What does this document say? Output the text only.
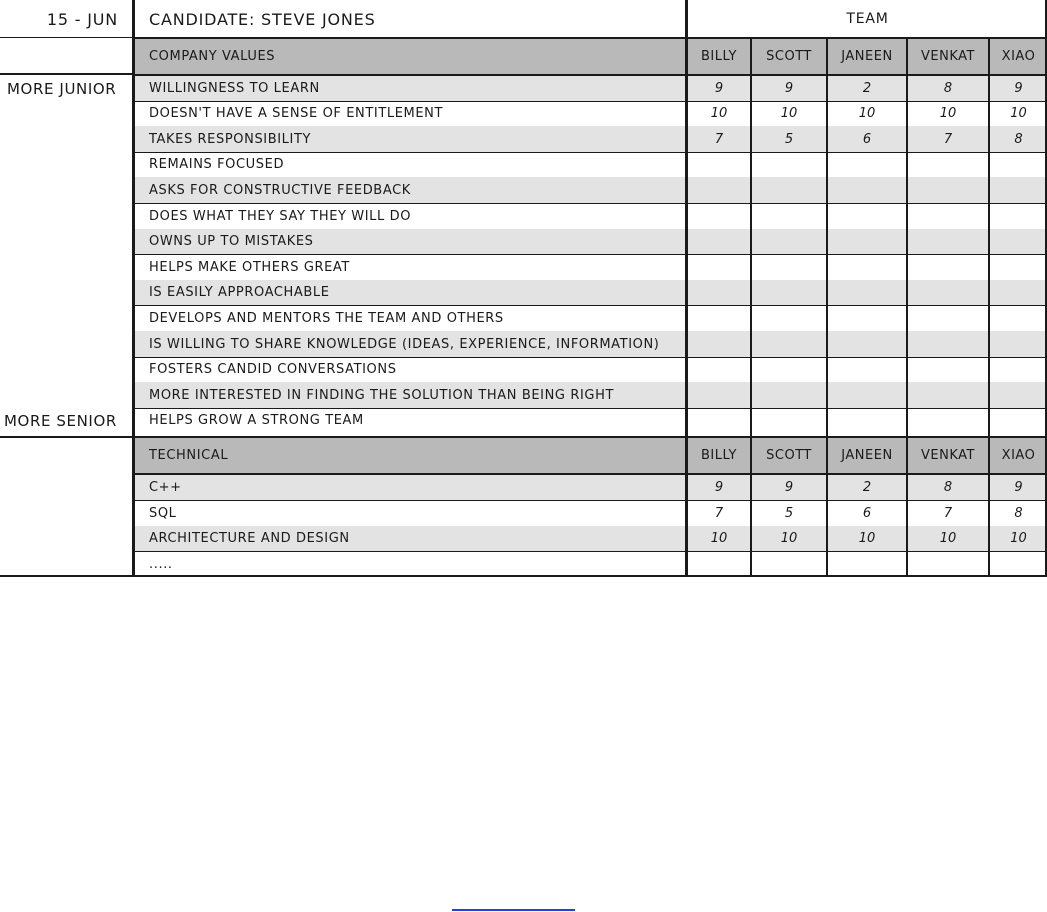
15 - JUN	CANDIDATE: STEVE JONES	TEAM
MORE JUNIOR
MORE SENIOR
COMPANY VALUES	BILLY	SCOTT	JANEEN	VENKAT	XIAO
WILLINGNESS TO LEARN	9	9	2	8	9
DOESN'T HAVE A SENSE OF ENTITLEMENT	10	10	10	10	10
TAKES RESPONSIBILITY	7	5	6	7	8
REMAINS FOCUSED
ASKS FOR CONSTRUCTIVE FEEDBACK
DOES WHAT THEY SAY THEY WILL DO
OWNS UP TO MISTAKES
HELPS MAKE OTHERS GREAT
IS EASILY APPROACHABLE
DEVELOPS AND MENTORS THE TEAM AND OTHERS
IS WILLING TO SHARE KNOWLEDGE (IDEAS, EXPERIENCE, INFORMATION)
FOSTERS CANDID CONVERSATIONS
MORE INTERESTED IN FINDING THE SOLUTION THAN BEING RIGHT
HELPS GROW A STRONG TEAM
TECHNICAL	BILLY	SCOTT	JANEEN	VENKAT	XIAO
C++	9	9	2	8	9
SQL	7	5	6	7	8
ARCHITECTURE AND DESIGN	10	10	10	10	10
.....
